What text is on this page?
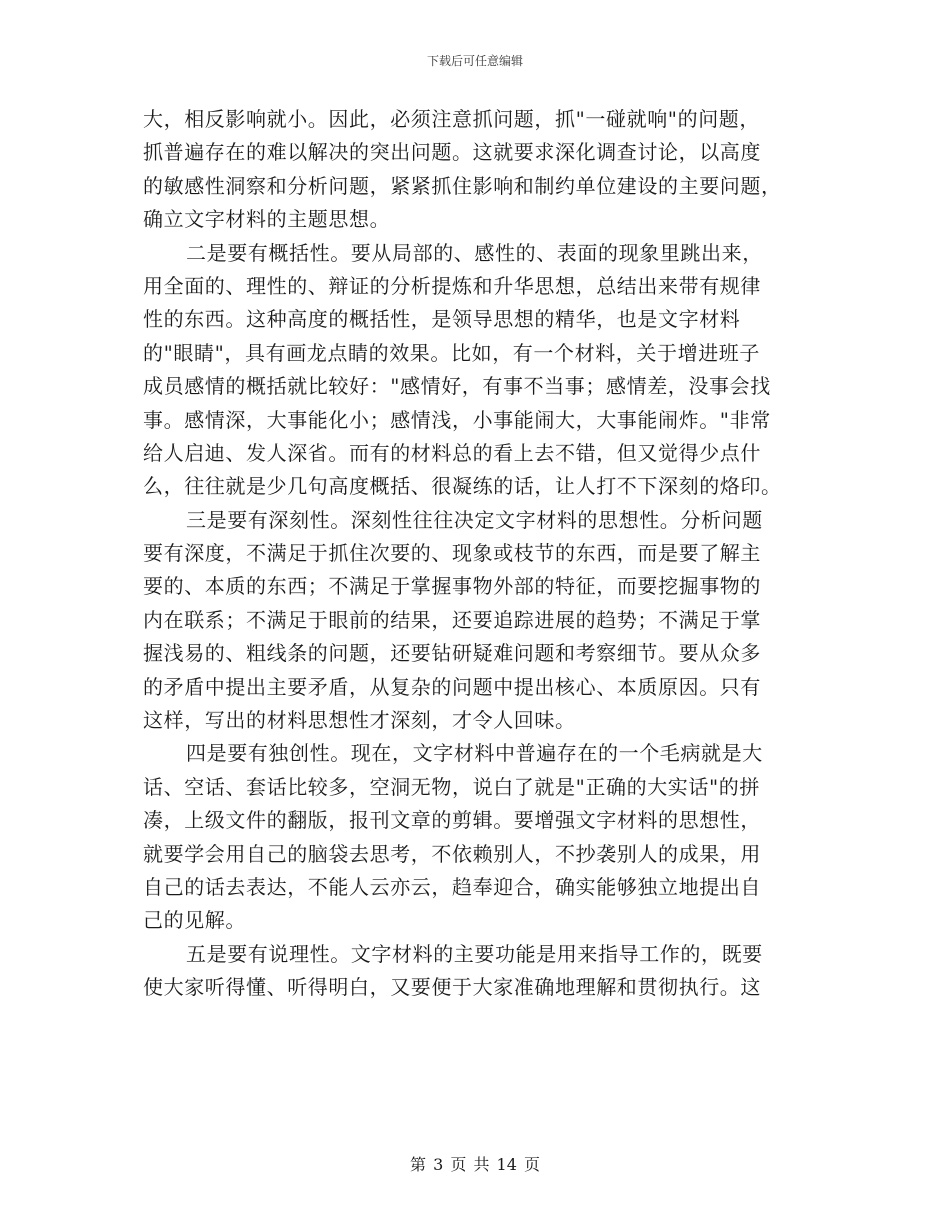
下载后可任意编辑
大，相反影响就小。因此，必须注意抓问题，抓"一碰就响"的问题，
抓普遍存在的难以解决的突出问题。这就要求深化调查讨论，以高度
的敏感性洞察和分析问题，紧紧抓住影响和制约单位建设的主要问题，
确立文字材料的主题思想。
二是要有概括性。要从局部的、感性的、表面的现象里跳出来，
用全面的、理性的、辩证的分析提炼和升华思想，总结出来带有规律
性的东西。这种高度的概括性，是领导思想的精华，也是文字材料
的"眼睛"，具有画龙点睛的效果。比如，有一个材料，关于增进班子
成员感情的概括就比较好："感情好，有事不当事；感情差，没事会找
事。感情深，大事能化小；感情浅，小事能闹大，大事能闹炸。"非常
给人启迪、发人深省。而有的材料总的看上去不错，但又觉得少点什
么，往往就是少几句高度概括、很凝练的话，让人打不下深刻的烙印。
三是要有深刻性。深刻性往往决定文字材料的思想性。分析问题
要有深度，不满足于抓住次要的、现象或枝节的东西，而是要了解主
要的、本质的东西；不满足于掌握事物外部的特征，而要挖掘事物的
内在联系；不满足于眼前的结果，还要追踪进展的趋势；不满足于掌
握浅易的、粗线条的问题，还要钻研疑难问题和考察细节。要从众多
的矛盾中提出主要矛盾，从复杂的问题中提出核心、本质原因。只有
这样，写出的材料思想性才深刻，才令人回味。
四是要有独创性。现在，文字材料中普遍存在的一个毛病就是大
话、空话、套话比较多，空洞无物，说白了就是"正确的大实话"的拼
凑，上级文件的翻版，报刊文章的剪辑。要增强文字材料的思想性，
就要学会用自己的脑袋去思考，不依赖别人，不抄袭别人的成果，用
自己的话去表达，不能人云亦云，趋奉迎合，确实能够独立地提出自
己的见解。
五是要有说理性。文字材料的主要功能是用来指导工作的，既要
使大家听得懂、听得明白，又要便于大家准确地理解和贯彻执行。这
第 3 页 共 14 页
